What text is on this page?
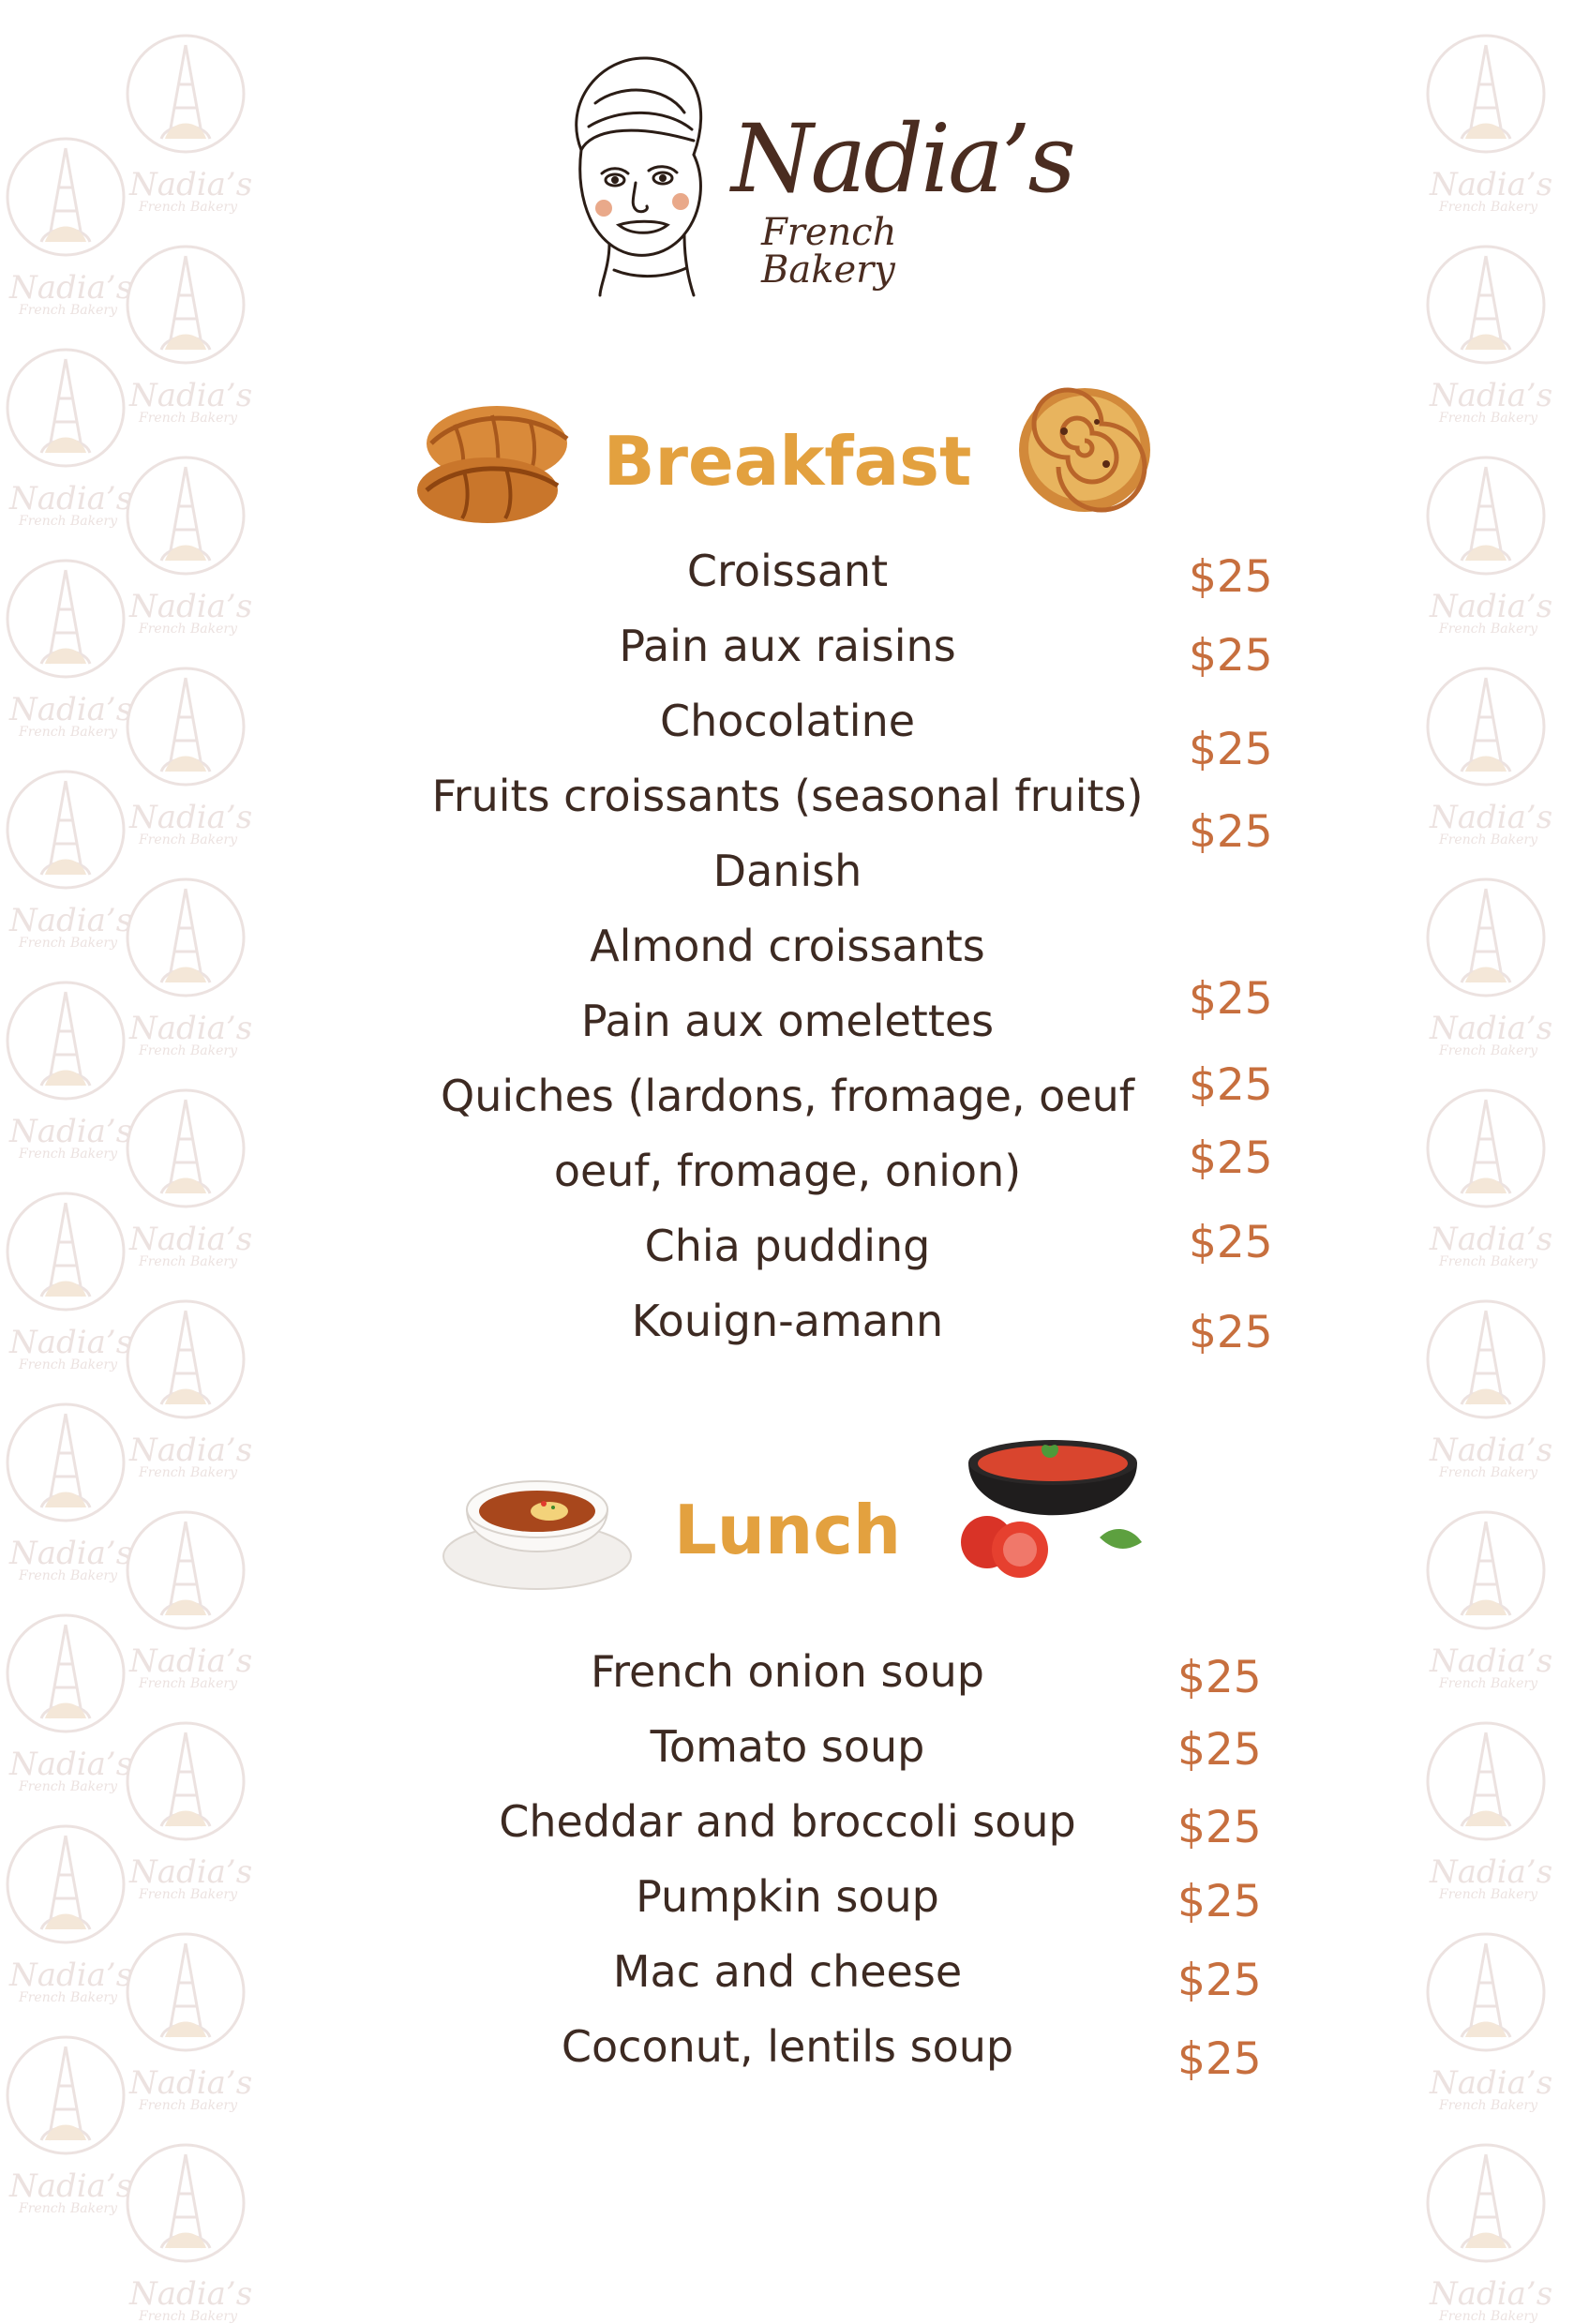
Nadia’s
French Bakery
Nadia’s
French Bakery
Nadia’s
French Bakery
Nadia’s
French Bakery
Nadia’s
French Bakery
Nadia’s
French Bakery
Nadia’s
French Bakery
Nadia’s
French Bakery
Nadia’s
French Bakery
Nadia’s
French Bakery
Nadia’s
French Bakery
Nadia’s
French Bakery
Nadia’s
French Bakery
Nadia’s
French Bakery
Nadia’s
French Bakery
Nadia’s
French Bakery
Nadia’s
French Bakery
Nadia’s
French Bakery
Nadia’s
French Bakery
Nadia’s
French Bakery
Nadia’s
French Bakery
Nadia’s
French Bakery
Nadia’s
French Bakery
Nadia’s
French Bakery
Nadia’s
French Bakery
Nadia’s
French Bakery
Nadia’s
French Bakery
Nadia’s
French Bakery
Nadia’s
French Bakery
Nadia’s
French Bakery
Nadia’s
French Bakery
Nadia’s
French Bakery
Nadia’s
French Bakery
Breakfast
Croissant
Pain aux raisins
Chocolatine
Fruits croissants (seasonal fruits)
Danish
Almond croissants
Pain aux omelettes
Quiches (lardons, fromage, oeuf
oeuf, fromage, onion)
Chia pudding
Kouign-amann
$25
$25
$25
$25
$25
$25
$25
$25
$25
Lunch
French onion soup
Tomato soup
Cheddar and broccoli soup
Pumpkin soup
Mac and cheese
Coconut, lentils soup
$25
$25
$25
$25
$25
$25
